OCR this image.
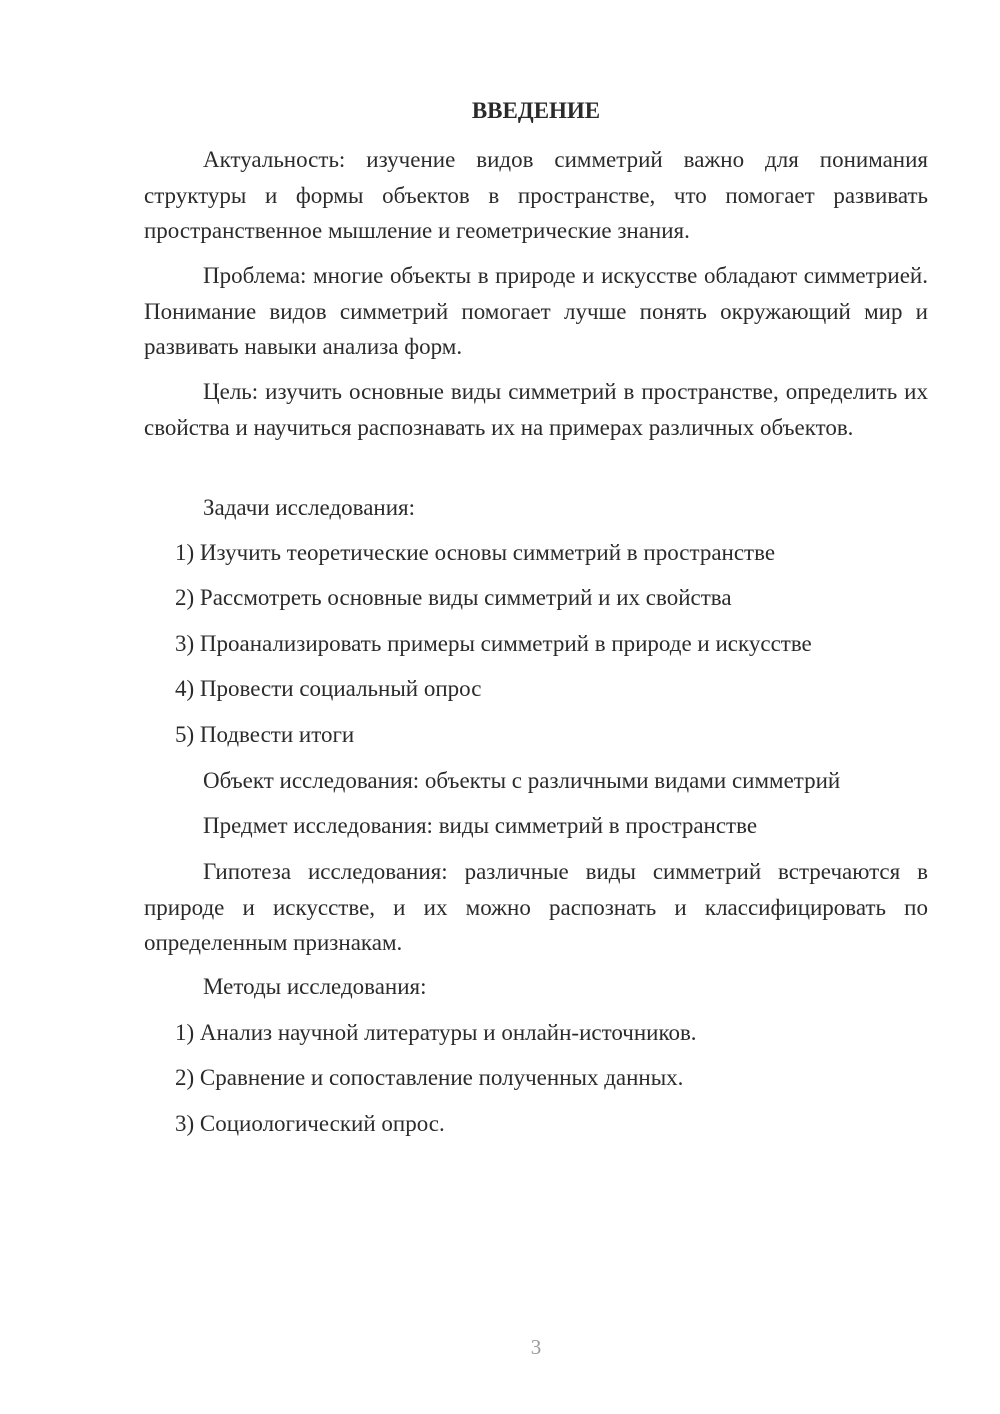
ВВЕДЕНИЕ

Актуальность: изучение видов симметрий важно для понимания структуры и формы объектов в пространстве, что помогает развивать пространственное мышление и геометрические знания.

Проблема: многие объекты в природе и искусстве обладают симметрией. Понимание видов симметрий помогает лучше понять окружающий мир и развивать навыки анализа форм.

Цель: изучить основные виды симметрий в пространстве, определить их свойства и научиться распознавать их на примерах различных объектов.

Задачи исследования:

1) Изучить теоретические основы симметрий в пространстве

2) Рассмотреть основные виды симметрий и их свойства

3) Проанализировать примеры симметрий в природе и искусстве

4) Провести социальный опрос

5) Подвести итоги

Объект исследования: объекты с различными видами симметрий

Предмет исследования: виды симметрий в пространстве

Гипотеза исследования: различные виды симметрий встречаются в природе и искусстве, и их можно распознать и классифицировать по определенным признакам.

Методы исследования:

1) Анализ научной литературы и онлайн-источников.

2) Сравнение и сопоставление полученных данных.

3) Социологический опрос.

3
